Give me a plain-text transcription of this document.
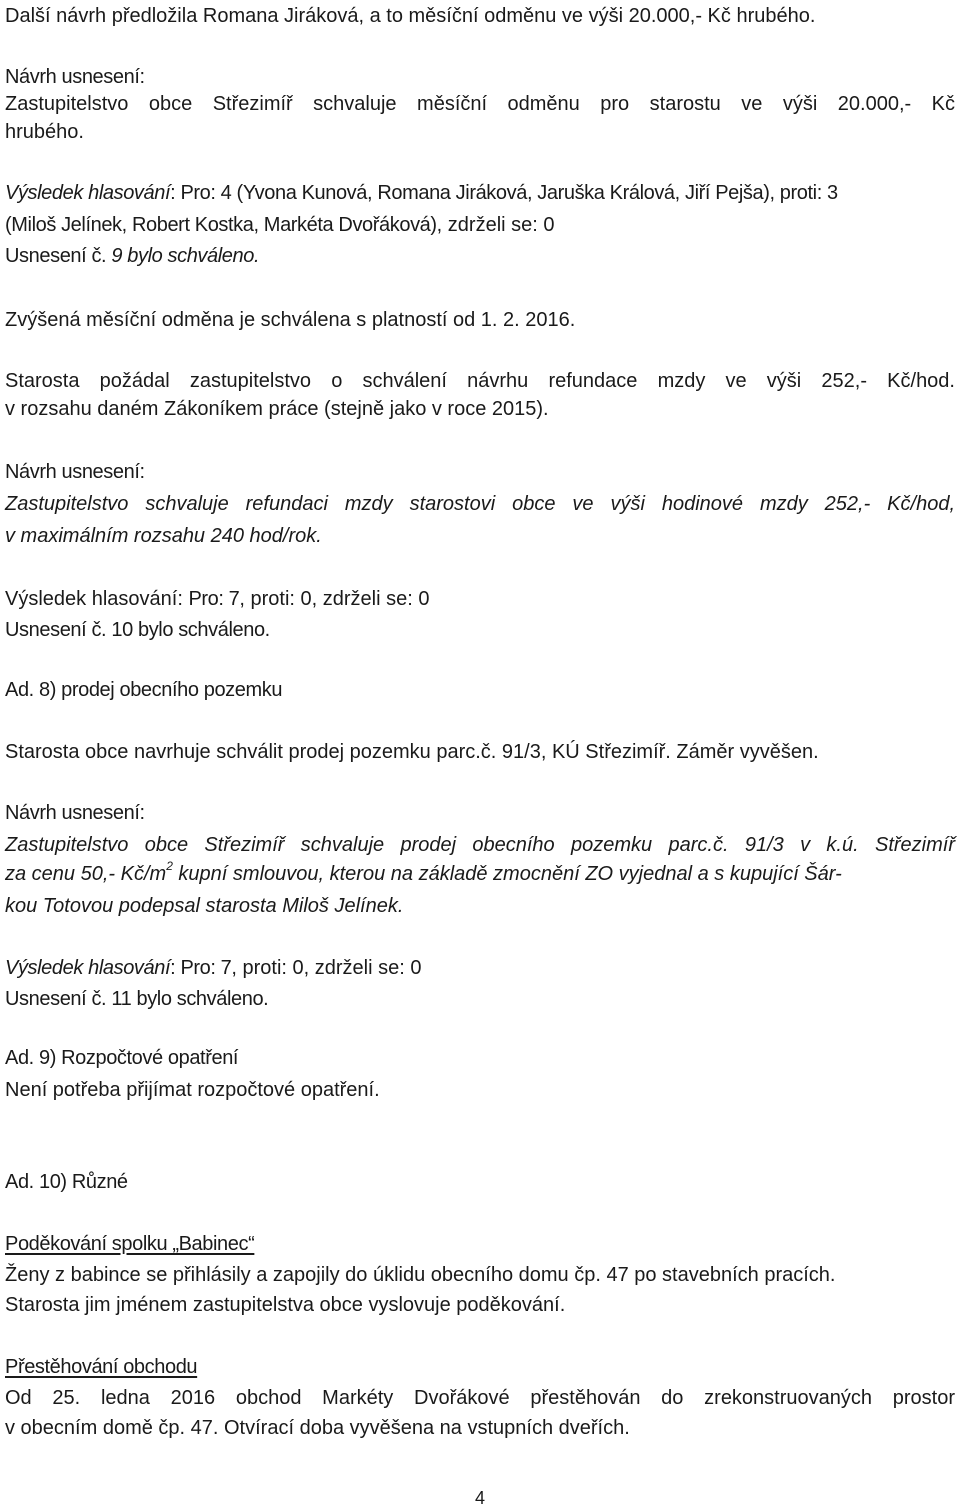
Další návrh předložila Romana Jiráková, a to měsíční odměnu ve výši 20.000,- Kč hrubého.
Návrh usnesení:
Zastupitelstvo obce Střezimíř schvaluje měsíční odměnu pro starostu ve výši 20.000,- Kč
hrubého.
Výsledek hlasování: Pro: 4 (Yvona Kunová, Romana Jiráková, Jaruška Králová, Jiří Pejša), proti: 3
(Miloš Jelínek, Robert Kostka, Markéta Dvořáková), zdrželi se: 0
Usnesení č. 9 bylo schváleno.
Zvýšená měsíční odměna je schválena s platností od 1. 2. 2016.
Starosta požádal zastupitelstvo o schválení návrhu refundace mzdy ve výši 252,- Kč/hod.
v rozsahu daném Zákoníkem práce (stejně jako v roce 2015).
Návrh usnesení:
Zastupitelstvo schvaluje refundaci mzdy starostovi obce ve výši hodinové mzdy 252,- Kč/hod,
v maximálním rozsahu 240 hod/rok.
Výsledek hlasování: Pro: 7, proti: 0, zdrželi se: 0
Usnesení č. 10 bylo schváleno.
Ad. 8) prodej obecního pozemku
Starosta obce navrhuje schválit prodej pozemku parc.č. 91/3, KÚ Střezimíř. Záměr vyvěšen.
Návrh usnesení:
Zastupitelstvo obce Střezimíř schvaluje prodej obecního pozemku parc.č. 91/3 v k.ú. Střezimíř
za cenu 50,- $Kč/m^2$ kupní smlouvou, kterou na základě zmocnění ZO vyjednal a s kupující Šár-
kou Totovou podepsal starosta Miloš Jelínek.
Výsledek hlasování: Pro: 7, proti: 0, zdrželi se: 0
Usnesení č. 11 bylo schváleno.
Ad. 9) Rozpočtové opatření
Není potřeba přijímat rozpočtové opatření.
Ad. 10) Různé
Poděkování spolku „Babinec“
Ženy z babince se přihlásily a zapojily do úklidu obecního domu čp. 47 po stavebních pracích.
Starosta jim jménem zastupitelstva obce vyslovuje poděkování.
Přestěhování obchodu
Od 25. ledna 2016 obchod Markéty Dvořákové přestěhován do zrekonstruovaných prostor
v obecním domě čp. 47. Otvírací doba vyvěšena na vstupních dveřích.
4
